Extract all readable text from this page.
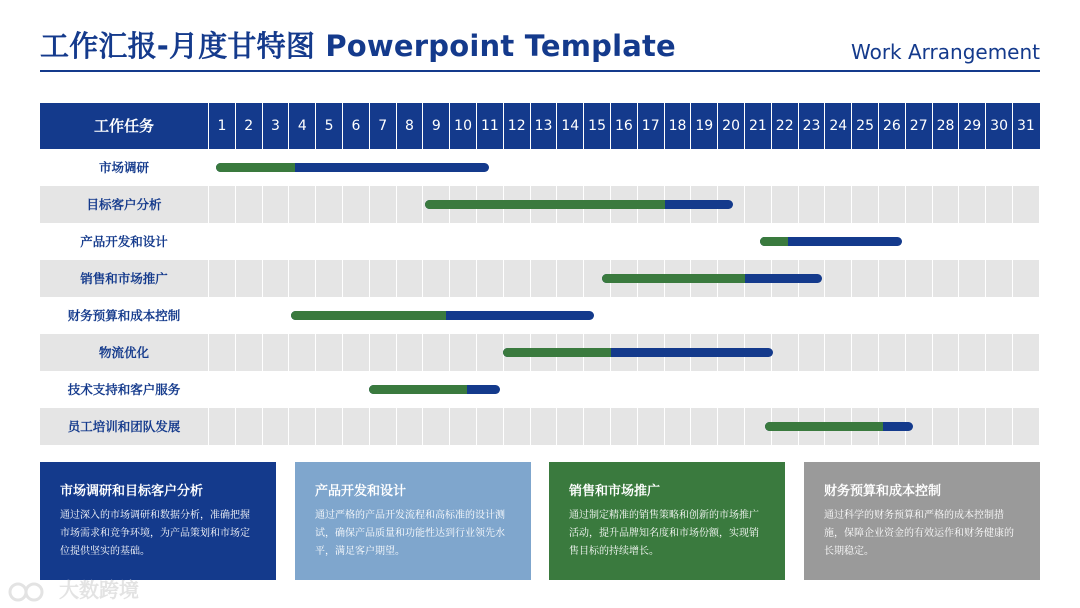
工作汇报-月度甘特图 Powerpoint Template	Work Arrangement
工作任务	1	2	3	4	5	6	7	8	9 10 11 12 13 14 15 16 17 18 19 20 21 22 23 24 25 26 27 28 29 30 31
市场调研
目标客户分析
产品开发和设计
销售和市场推广
财务预算和成本控制
物流优化
技术支持和客户服务
员工培训和团队发展
市场调研和目标客户分析

通过深入的市场调研和数据分析，准确把握市场需求和竞争环境，为产品策划和市场定位提供坚实的基础。

产品开发和设计

通过严格的产品开发流程和高标准的设计测试，确保产品质量和功能性达到行业领先水平，满足客户期望。

销售和市场推广

通过制定精准的销售策略和创新的市场推广活动，提升品牌知名度和市场份额，实现销售目标的持续增长。

财务预算和成本控制

通过科学的财务预算和严格的成本控制措施，保障企业资金的有效运作和财务健康的长期稳定。

大数跨境
